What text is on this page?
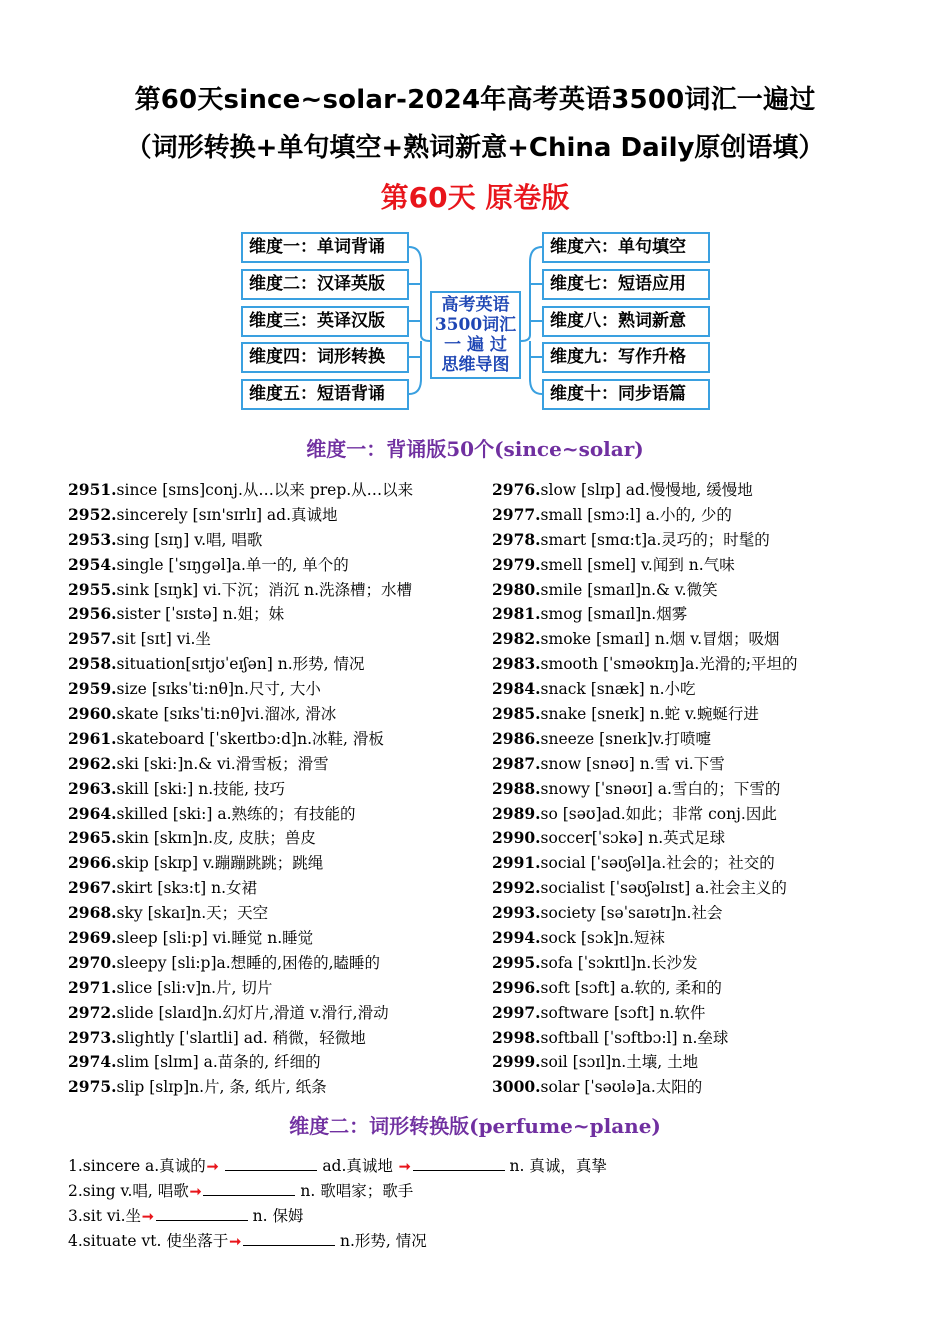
第60天since~solar-2024年高考英语3500词汇一遍过
（词形转换+单句填空+熟词新意+China Daily原创语填）
第60天 原卷版
维度一：单词背诵
维度二：汉译英版
维度三：英译汉版
维度四：词形转换
维度五：短语背诵
维度六：单句填空
维度七：短语应用
维度八：熟词新意
维度九：写作升格
维度十：同步语篇
高考英语
3500词汇
一 遍 过
思维导图
维度一：背诵版50个(since~solar)
2951.since [sɪns]conj.从…以来 prep.从…以来
2952.sincerely [sɪn'sɪrlɪ] ad.真诚地
2953.sing [sɪŋ] v.唱, 唱歌
2954.single [ˈsɪŋgəl]a.单一的, 单个的
2955.sink [sɪŋk] vi.下沉；消沉 n.洗涤槽；水槽
2956.sister [ˈsɪstə] n.姐；妹
2957.sit [sɪt] vi.坐
2958.situation[sɪtjʊˈeɪʃən] n.形势, 情况
2959.size [sɪksˈti:nθ]n.尺寸, 大小
2960.skate [sɪksˈti:nθ]vi.溜冰, 滑冰
2961.skateboard [ˈskeɪtbɔ:d]n.冰鞋, 滑板
2962.ski [ski:]n.& vi.滑雪板；滑雪
2963.skill [ski:] n.技能, 技巧
2964.skilled [ski:] a.熟练的；有技能的
2965.skin [skɪn]n.皮, 皮肤；兽皮
2966.skip [skɪp] v.蹦蹦跳跳；跳绳
2967.skirt [skɜ:t] n.女裙
2968.sky [skaɪ]n.天；天空
2969.sleep [sli:p] vi.睡觉 n.睡觉
2970.sleepy [sli:p]a.想睡的,困倦的,瞌睡的
2971.slice [sli:v]n.片, 切片
2972.slide [slaɪd]n.幻灯片,滑道 v.滑行,滑动
2973.slightly [ˈslaɪtli] ad. 稍微，轻微地
2974.slim [slɪm] a.苗条的, 纤细的
2975.slip [slɪp]n.片, 条, 纸片, 纸条
2976.slow [slɪp] ad.慢慢地, 缓慢地
2977.small [smɔ:l] a.小的, 少的
2978.smart [smɑ:t]a.灵巧的；时髦的
2979.smell [smel] v.闻到 n.气味
2980.smile [smaɪl]n.& v.微笑
2981.smog [smaɪl]n.烟雾
2982.smoke [smaɪl] n.烟 v.冒烟；吸烟
2983.smooth [ˈsməʊkɪŋ]a.光滑的;平坦的
2984.snack [snæk] n.小吃
2985.snake [sneɪk] n.蛇 v.蜿蜒行进
2986.sneeze [sneɪk]v.打喷嚏
2987.snow [snəʊ] n.雪 vi.下雪
2988.snowy [ˈsnəʊɪ] a.雪白的；下雪的
2989.so [səʊ]ad.如此；非常 conj.因此
2990.soccer[ˈsɔkə] n.英式足球
2991.social [ˈsəʊʃəl]a.社会的；社交的
2992.socialist [ˈsəʊʃəlɪst] a.社会主义的
2993.society [səˈsaɪətɪ]n.社会
2994.sock [sɔk]n.短袜
2995.sofa [ˈsɔkɪtl]n.长沙发
2996.soft [sɔft] a.软的, 柔和的
2997.software [sɔft] n.软件
2998.softball [ˈsɔftbɔ:l] n.垒球
2999.soil [sɔɪl]n.土壤, 土地
3000.solar [ˈsəʊlə]a.太阳的
维度二：词形转换版(perfume~plane)
1.sincere a.真诚的➞	ad.真诚地 ➞	n. 真诚，真挚
2.sing v.唱, 唱歌➞	n. 歌唱家；歌手
3.sit vi.坐➞	n. 保姆
4.situate vt. 使坐落于➞	n.形势, 情况
